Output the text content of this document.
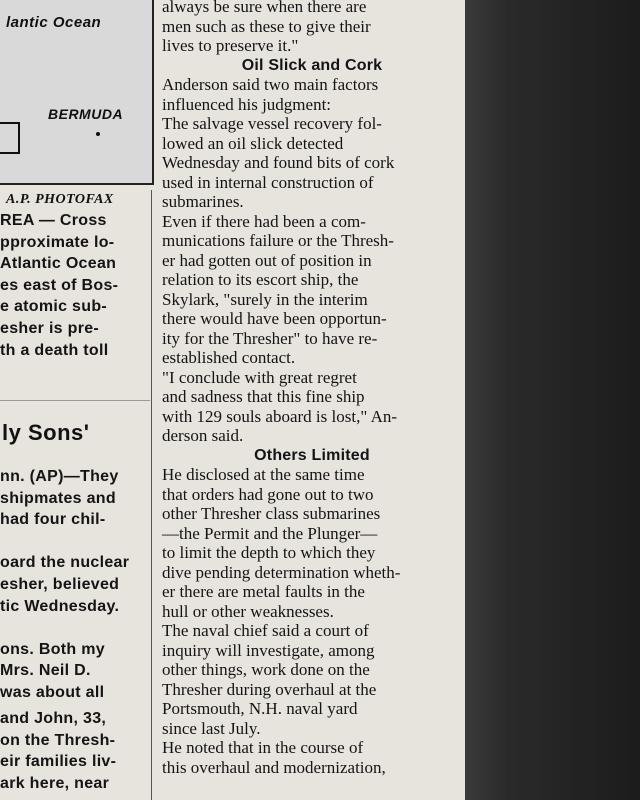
lantic Ocean
BERMUDA
A.P. PHOTOFAX
REA — Cross
pproximate lo-
Atlantic Ocean
es east of Bos-
e atomic sub-
esher is pre-
th a death toll
ly Sons'
nn. (AP)—They
shipmates and
had four chil-

oard the nuclear
esher, believed
tic Wednesday.

ons. Both my
Mrs. Neil D.
was about all
and John, 33,
on the Thresh-
eir families liv-
ark here, near
always be sure when there are
men such as these to give their
lives to preserve it."
Oil Slick and Cork
Anderson said two main factors
influenced his judgment:
The salvage vessel recovery fol-
lowed an oil slick detected
Wednesday and found bits of cork
used in internal construction of
submarines.
Even if there had been a com-
munications failure or the Thresh-
er had gotten out of position in
relation to its escort ship, the
Skylark, "surely in the interim
there would have been opportun-
ity for the Thresher" to have re-
established contact.
"I conclude with great regret
and sadness that this fine ship
with 129 souls aboard is lost," An-
derson said.
Others Limited
He disclosed at the same time
that orders had gone out to two
other Thresher class submarines
—the Permit and the Plunger—
to limit the depth to which they
dive pending determination wheth-
er there are metal faults in the
hull or other weaknesses.
The naval chief said a court of
inquiry will investigate, among
other things, work done on the
Thresher during overhaul at the
Portsmouth, N.H. naval yard
since last July.
He noted that in the course of
this overhaul and modernization,
